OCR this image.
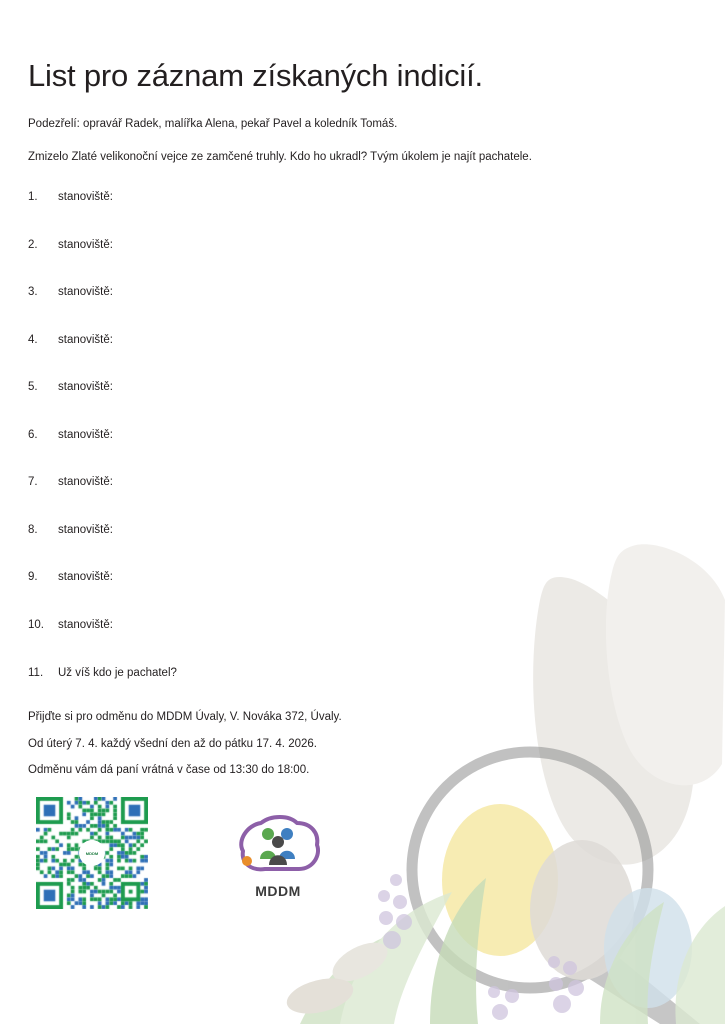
List pro záznam získaných indicií.

Podezřelí: opravář Radek, malířka Alena, pekař Pavel a koledník Tomáš.

Zmizelo Zlaté velikonoční vejce ze zamčené truhly. Kdo ho ukradl? Tvým úkolem je najít pachatele.

1.	stanoviště:
2.	stanoviště:
3.	stanoviště:
4.	stanoviště:
5.	stanoviště:
6.	stanoviště:
7.	stanoviště:
8.	stanoviště:
9.	stanoviště:
10.	stanoviště:
11.	Už víš kdo je pachatel?

Přijďte si pro odměnu do MDDM Úvaly, V. Nováka 372, Úvaly.

Od úterý 7. 4. každý všední den až do pátku 17. 4. 2026.

Odměnu vám dá paní vrátná v čase od 13:30 do 18:00.

MDDM
MDDM
